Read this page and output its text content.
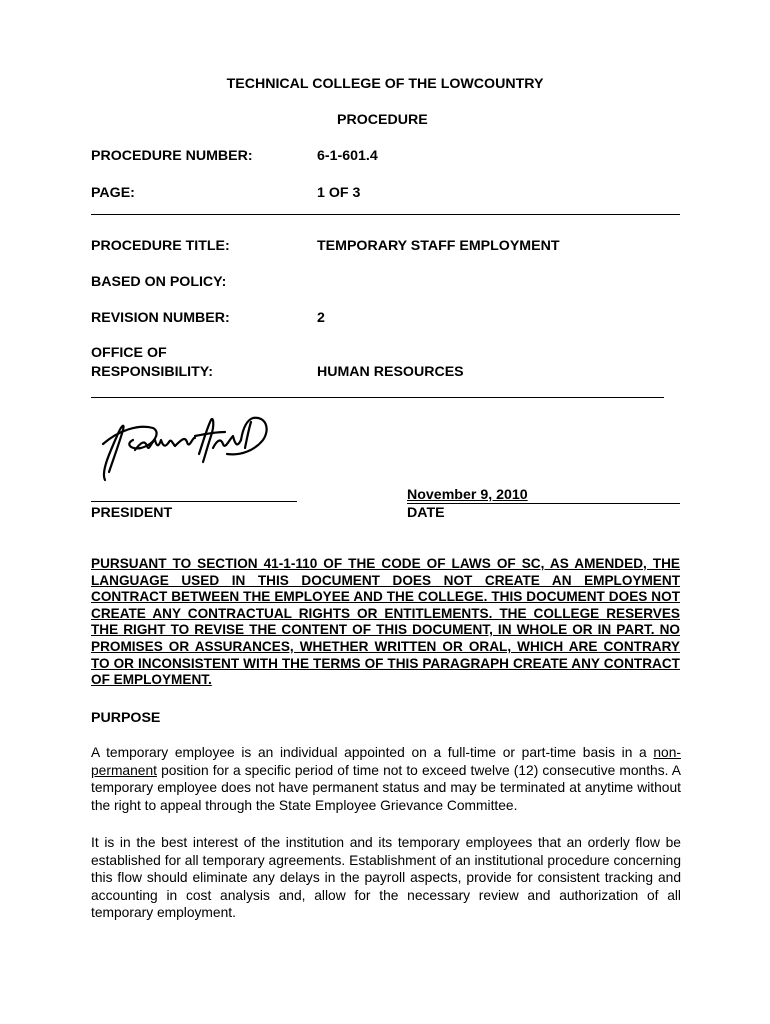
TECHNICAL COLLEGE OF THE LOWCOUNTRY
PROCEDURE
PROCEDURE NUMBER:	6-1-601.4
PAGE:	1 OF 3
PROCEDURE TITLE:	TEMPORARY STAFF EMPLOYMENT
BASED ON POLICY:
REVISION NUMBER:	2
OFFICE OF
RESPONSIBILITY:	HUMAN RESOURCES
November 9, 2010
PRESIDENT	DATE
PURSUANT TO SECTION 41-1-110 OF THE CODE OF LAWS OF SC, AS AMENDED, THE LANGUAGE USED IN THIS DOCUMENT DOES NOT CREATE AN EMPLOYMENT CONTRACT BETWEEN THE EMPLOYEE AND THE COLLEGE. THIS DOCUMENT DOES NOT CREATE ANY CONTRACTUAL RIGHTS OR ENTITLEMENTS. THE COLLEGE RESERVES THE RIGHT TO REVISE THE CONTENT OF THIS DOCUMENT, IN WHOLE OR IN PART. NO PROMISES OR ASSURANCES, WHETHER WRITTEN OR ORAL, WHICH ARE CONTRARY TO OR INCONSISTENT WITH THE TERMS OF THIS PARAGRAPH CREATE ANY CONTRACT OF EMPLOYMENT.
PURPOSE
A temporary employee is an individual appointed on a full-time or part-time basis in a non-permanent position for a specific period of time not to exceed twelve (12) consecutive months. A temporary employee does not have permanent status and may be terminated at anytime without the right to appeal through the State Employee Grievance Committee.
It is in the best interest of the institution and its temporary employees that an orderly flow be established for all temporary agreements. Establishment of an institutional procedure concerning this flow should eliminate any delays in the payroll aspects, provide for consistent tracking and accounting in cost analysis and, allow for the necessary review and authorization of all temporary employment.
